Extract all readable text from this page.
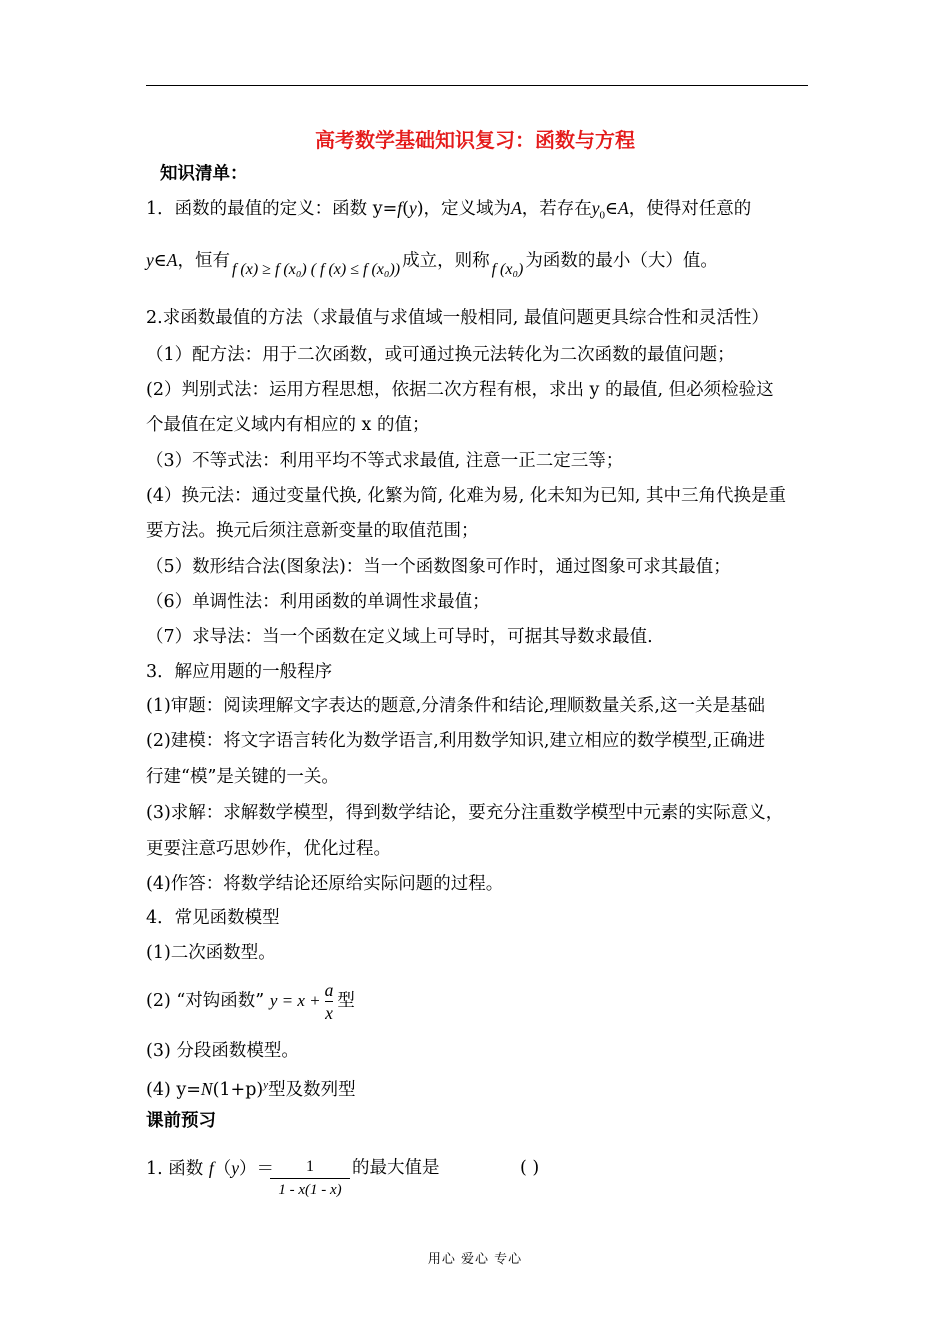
高考数学基础知识复习：函数与方程
知识清单：
1．函数的最值的定义：函数 y=f(y)，定义域为A，若存在$y_0\in A$，使得对任意的
y∈A，恒有 f (x) ≥ f (x₀) ( f (x) ≤ f (x₀)) 成立，则称 f (x₀) 为函数的最小（大）值。
2.求函数最值的方法（求最值与求值域一般相同, 最值问题更具综合性和灵活性）
（1）配方法：用于二次函数，或可通过换元法转化为二次函数的最值问题；
(2）判别式法：运用方程思想，依据二次方程有根，求出 y 的最值, 但必须检验这
个最值在定义域内有相应的 x 的值；
（3）不等式法：利用平均不等式求最值, 注意一正二定三等；
(4）换元法：通过变量代换, 化繁为简, 化难为易, 化未知为已知, 其中三角代换是重
要方法。换元后须注意新变量的取值范围；
（5）数形结合法(图象法)：当一个函数图象可作时，通过图象可求其最值；
（6）单调性法：利用函数的单调性求最值；
（7）求导法：当一个函数在定义域上可导时，可据其导数求最值.
3．解应用题的一般程序
(1)审题：阅读理解文字表达的题意,分清条件和结论,理顺数量关系,这一关是基础
(2)建模：将文字语言转化为数学语言,利用数学知识,建立相应的数学模型,正确进
行建“模”是关键的一关。
(3)求解：求解数学模型，得到数学结论，要充分注重数学模型中元素的实际意义，
更要注意巧思妙作，优化过程。
(4)作答：将数学结论还原给实际问题的过程。
4．常见函数模型
(1)二次函数型。
(2) “对钩函数” $y = x + \frac{a}{x}$ 型
(3) 分段函数模型。
(4) $y=N(1+p)^y$型及数列型
课前预习
1. 函数 f（y）＝
$\frac{1}{1 - x(1 - x)}$ 的最大值是	( )
用心 爱心 专心
